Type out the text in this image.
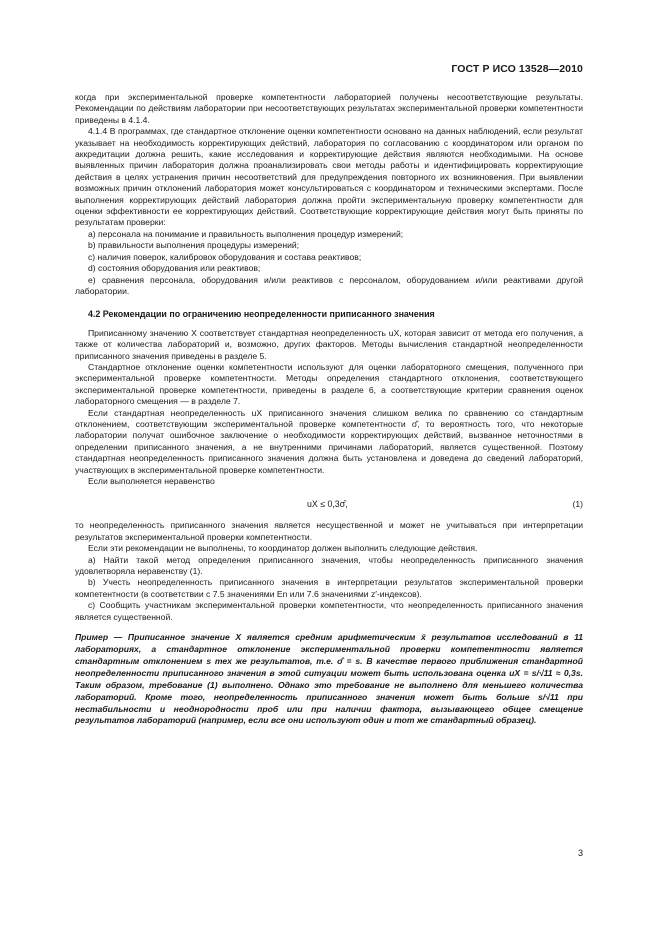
ГОСТ Р ИСО 13528—2010

когда при экспериментальной проверке компетентности лабораторией получены несоответствующие результаты. Рекомендации по действиям лаборатории при несоответствующих результатах экспериментальной проверки компетентности приведены в 4.1.4.

4.1.4 В программах, где стандартное отклонение оценки компетентности основано на данных наблюдений, если результат указывает на необходимость корректирующих действий, лаборатория по согласованию с координатором или органом по аккредитации должна решить, какие исследования и корректирующие действия являются необходимыми. На основе выявленных причин лаборатория должна проанализировать свои методы работы и идентифицировать корректирующие действия в целях устранения причин несоответствий для предупреждения повторного их возникновения. При выявлении возможных причин отклонений лаборатория может консультироваться с координатором и техническими экспертами. После выполнения корректирующих действий лаборатория должна пройти экспериментальную проверку компетентности для оценки эффективности ее корректирующих действий. Соответствующие корректирующие действия могут быть приняты по результатам проверки:

а) персонала на понимание и правильность выполнения процедур измерений;

b) правильности выполнения процедуры измерений;

c) наличия поверок, калибровок оборудования и состава реактивов;

d) состояния оборудования или реактивов;

e) сравнения персонала, оборудования и/или реактивов с персоналом, оборудованием и/или реактивами другой лаборатории.

4.2 Рекомендации по ограничению неопределенности приписанного значения

Приписанному значению X соответствует стандартная неопределенность uX, которая зависит от метода его получения, а также от количества лабораторий и, возможно, других факторов. Методы вычисления стандартной неопределенности приписанного значения приведены в разделе 5.

Стандартное отклонение оценки компетентности используют для оценки лабораторного смещения, полученного при экспериментальной проверке компетентности. Методы определения стандартного отклонения, соответствующего экспериментальной проверке компетентности, приведены в разделе 6, а соответствующие критерии сравнения оценок лабораторного смещения — в разделе 7.

Если стандартная неопределенность uX приписанного значения слишком велика по сравнению со стандартным отклонением, соответствующим экспериментальной проверке компетентности σ̂, то вероятность того, что некоторые лаборатории получат ошибочное заключение о необходимости корректирующих действий, вызванное неточностями в определении приписанного значения, а не внутренними причинами лабораторий, является существенной. Поэтому стандартная неопределенность приписанного значения должна быть установлена и доведена до сведений лабораторий, участвующих в экспериментальной проверке компетентности.

Если выполняется неравенство

uX ≤ 0,3σ̂,	(1)

то неопределенность приписанного значения является несущественной и может не учитываться при интерпретации результатов экспериментальной проверки компетентности.

Если эти рекомендации не выполнены, то координатор должен выполнить следующие действия.

a) Найти такой метод определения приписанного значения, чтобы неопределенность приписанного значения удовлетворяла неравенству (1).

b) Учесть неопределенность приписанного значения в интерпретации результатов экспериментальной проверки компетентности (в соответствии с 7.5 значениями En или 7.6 значениями z′-индексов).

c) Сообщить участникам экспериментальной проверки компетентности, что неопределенность приписанного значения является существенной.

Пример — Приписанное значение X является средним арифметическим x̄ результатов исследований в 11 лабораториях, а стандартное отклонение экспериментальной проверки компетентности является стандартным отклонением s тех же результатов, т.е. σ̂ = s. В качестве первого приближения стандартной неопределенности приписанного значения в этой ситуации может быть использована оценка uX = s/√11 ≈ 0,3s. Таким образом, требование (1) выполнено. Однако это требование не выполнено для меньшего количества лабораторий. Кроме того, неопределенность приписанного значения может быть больше s/√11 при нестабильности и неоднородности проб или при наличии фактора, вызывающего общее смещение результатов лабораторий (например, если все они используют один и тот же стандартный образец).

3
